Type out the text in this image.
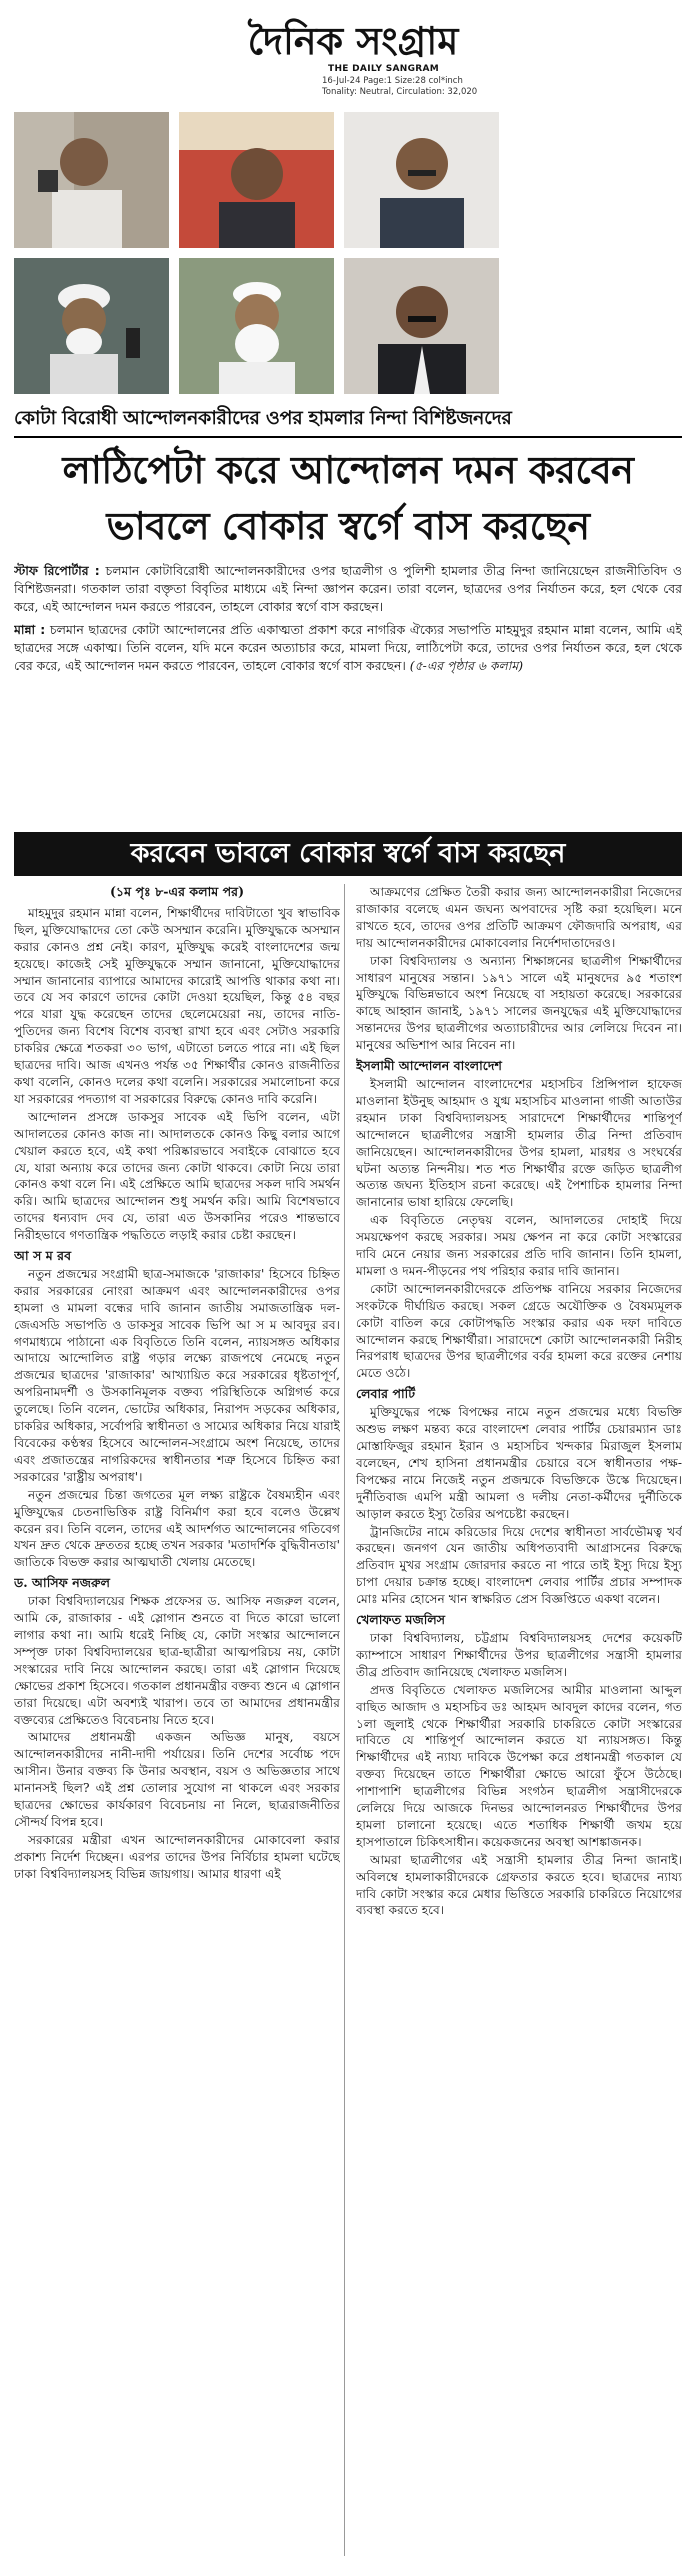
দৈনিক সংগ্রাম
THE DAILY SANGRAM
16-Jul-24 Page:1 Size:28 col*inch
Tonality: Neutral, Circulation: 32,020
কোটা বিরোধী আন্দোলনকারীদের ওপর হামলার নিন্দা বিশিষ্টজনদের
লাঠিপেটা করে আন্দোলন দমন করবেন
ভাবলে বোকার স্বর্গে বাস করছেন
স্টাফ রিপোর্টার : চলমান কোটাবিরোধী আন্দোলনকারীদের ওপর ছাত্রলীগ ও পুলিশী হামলার তীব্র নিন্দা জানিয়েছেন রাজনীতিবিদ ও বিশিষ্টজনরা। গতকাল তারা বক্তৃতা বিবৃতির মাধ্যমে এই নিন্দা জ্ঞাপন করেন। তারা বলেন, ছাত্রদের ওপর নির্যাতন করে, হল থেকে বের করে, এই আন্দোলন দমন করতে পারবেন, তাহলে বোকার স্বর্গে বাস করছেন।
মান্না : চলমান ছাত্রদের কোটা আন্দোলনের প্রতি একাত্মতা প্রকাশ করে নাগরিক ঐক্যের সভাপতি মাহমুদুর রহমান মান্না বলেন, আমি এই ছাত্রদের সঙ্গে একাত্ম। তিনি বলেন, যদি মনে করেন অত্যাচার করে, মামলা দিয়ে, লাঠিপেটা করে, তাদের ওপর নির্যাতন করে, হল থেকে বের করে, এই আন্দোলন দমন করতে পারবেন, তাহলে বোকার স্বর্গে বাস করছেন। (৫-এর পৃষ্ঠার ৬ কলাম)
করবেন ভাবলে বোকার স্বর্গে বাস করছেন
(১ম পৃঃ ৮-এর কলাম পর)

মাহমুদুর রহমান মান্না বলেন, শিক্ষার্থীদের দাবিটাতো খুব স্বাভাবিক ছিল, মুক্তিযোদ্ধাদের তো কেউ অসম্মান করেনি। মুক্তিযুদ্ধকে অসম্মান করার কোনও প্রশ্ন নেই। কারণ, মুক্তিযুদ্ধ করেই বাংলাদেশের জন্ম হয়েছে। কাজেই সেই মুক্তিযুদ্ধকে সম্মান জানানো, মুক্তিযোদ্ধাদের সম্মান জানানোর ব্যাপারে আমাদের কারোই আপত্তি থাকার কথা না। তবে যে সব কারণে তাদের কোটা দেওয়া হয়েছিল, কিন্তু ৫৪ বছর পরে যারা যুদ্ধ করেছেন তাদের ছেলেমেয়েরা নয়, তাদের নাতি-পুতিদের জন্য বিশেষ বিশেষ ব্যবস্থা রাখা হবে এবং সেটাও সরকারি চাকরির ক্ষেত্রে শতকরা ৩০ ভাগ, এটাতো চলতে পারে না। এই ছিল ছাত্রদের দাবি। আজ এখনও পর্যন্ত ৩৫ শিক্ষার্থীর কোনও রাজনীতির কথা বলেনি, কোনও দলের কথা বলেনি। সরকারের সমালোচনা করে যা সরকারের পদত্যাগ বা সরকারের বিরুদ্ধে কোনও দাবি করেনি।

আন্দোলন প্রসঙ্গে ডাকসুর সাবেক এই ভিপি বলেন, এটা আদালতের কোনও কাজ না। আদালতকে কোনও কিছু বলার আগে খেয়াল করতে হবে, এই কথা পরিষ্কারভাবে সবাইকে বোঝাতে হবে যে, যারা অন্যায় করে তাদের জন্য কোটা থাকবে। কোটা নিয়ে তারা কোনও কথা বলে নি। এই প্রেক্ষিতে আমি ছাত্রদের সকল দাবি সমর্থন করি। আমি ছাত্রদের আন্দোলন শুধু সমর্থন করি। আমি বিশেষভাবে তাদের ধন্যবাদ দেব যে, তারা এত উসকানির পরেও শান্তভাবে নিরীহভাবে গণতান্ত্রিক পদ্ধতিতে লড়াই করার চেষ্টা করছেন।

আ স ম রব

নতুন প্রজন্মের সংগ্রামী ছাত্র-সমাজকে 'রাজাকার' হিসেবে চিহ্নিত করার সরকারের নোংরা আক্রমণ এবং আন্দোলনকারীদের ওপর হামলা ও মামলা বন্ধের দাবি জানান জাতীয় সমাজতান্ত্রিক দল-জেএসডি সভাপতি ও ডাকসুর সাবেক ভিপি আ স ম আবদুর রব। গণমাধ্যমে পাঠানো এক বিবৃতিতে তিনি বলেন, ন্যায়সঙ্গত অধিকার আদায়ে আন্দোলিত রাষ্ট্র গড়ার লক্ষ্যে রাজপথে নেমেছে নতুন প্রজন্মের ছাত্রদের 'রাজাকার' আখ্যায়িত করে সরকারের ধৃষ্টতাপূর্ণ, অপরিনামদর্শী ও উসকানিমূলক বক্তব্য পরিস্থিতিকে অগ্নিগর্ভ করে তুলেছে। তিনি বলেন, ভোটের অধিকার, নিরাপদ সড়কের অধিকার, চাকরির অধিকার, সর্বোপরি স্বাধীনতা ও সাম্যের অধিকার নিয়ে যারাই বিবেকের কণ্ঠস্বর হিসেবে আন্দোলন-সংগ্রামে অংশ নিয়েছে, তাদের এবং প্রজাতন্ত্রের নাগরিকদের স্বাধীনতার শত্রু হিসেবে চিহ্নিত করা সরকারের 'রাষ্ট্রীয় অপরাধ'।

নতুন প্রজন্মের চিন্তা জগতের মূল লক্ষ্য রাষ্ট্রকে বৈষম্যহীন এবং মুক্তিযুদ্ধের চেতনাভিত্তিক রাষ্ট্র বিনির্মাণ করা হবে বলেও উল্লেখ করেন রব। তিনি বলেন, তাদের এই আদর্শগত আন্দোলনের গতিবেগ যখন দ্রুত থেকে দ্রুততর হচ্ছে তখন সরকার 'মতাদর্শিক বুদ্ধিবীনতায়' জাতিকে বিভক্ত করার আত্মঘাতী খেলায় মেতেছে।

ড. আসিফ নজরুল

ঢাকা বিশ্ববিদ্যালয়ের শিক্ষক প্রফেসর ড. আসিফ নজরুল বলেন, আমি কে, রাজাকার - এই স্লোগান শুনতে বা দিতে কারো ভালো লাগার কথা না। আমি ধরেই নিচ্ছি যে, কোটা সংস্কার আন্দোলনে সম্পৃক্ত ঢাকা বিশ্ববিদ্যালয়ের ছাত্র-ছাত্রীরা আত্মপরিচয় নয়, কোটা সংস্কারের দাবি নিয়ে আন্দোলন করছে। তারা এই স্লোগান দিয়েছে ক্ষোভের প্রকাশ হিসেবে। গতকাল প্রধানমন্ত্রীর বক্তব্য শুনে এ স্লোগান তারা দিয়েছে। এটা অবশ্যই খারাপ। তবে তা আমাদের প্রধানমন্ত্রীর বক্তব্যের প্রেক্ষিতেও বিবেচনায় নিতে হবে।

আমাদের প্রধানমন্ত্রী একজন অভিজ্ঞ মানুষ, বয়সে আন্দোলনকারীদের নানী-দাদী পর্যায়ের। তিনি দেশের সর্বোচ্চ পদে আসীন। উনার বক্তব্য কি উনার অবস্থান, বয়স ও অভিজ্ঞতার সাথে মানানসই ছিল? এই প্রশ্ন তোলার সুযোগ না থাকলে এবং সরকার ছাত্রদের ক্ষোভের কার্যকারণ বিবেচনায় না নিলে, ছাত্ররাজনীতির সৌন্দর্য বিপন্ন হবে।

সরকারের মন্ত্রীরা এখন আন্দোলনকারীদের মোকাবেলা করার প্রকাশ্য নির্দেশ দিচ্ছেন। এরপর তাদের উপর নির্বিচার হামলা ঘটেছে ঢাকা বিশ্ববিদ্যালয়সহ বিভিন্ন জায়গায়। আমার ধারণা এই

আক্রমণের প্রেক্ষিত তৈরী করার জন্য আন্দোলনকারীরা নিজেদের রাজাকার বলেছে এমন জঘন্য অপবাদের সৃষ্টি করা হয়েছিল। মনে রাখতে হবে, তাদের ওপর প্রতিটি আক্রমণ ফৌজদারি অপরাধ, এর দায় আন্দোলনকারীদের মোকাবেলার নির্দেশদাতাদেরও।

ঢাকা বিশ্ববিদ্যালয় ও অন্যান্য শিক্ষাঙ্গনের ছাত্রলীগ শিক্ষার্থীদের সাধারণ মানুষের সন্তান। ১৯৭১ সালে এই মানুষদের ৯৫ শতাংশ মুক্তিযুদ্ধে বিভিন্নভাবে অংশ নিয়েছে বা সহায়তা করেছে। সরকারের কাছে আহ্বান জানাই, ১৯৭১ সালের জনযুদ্ধের এই মুক্তিযোদ্ধাদের সন্তানদের উপর ছাত্রলীগের অত্যাচারীদের আর লেলিয়ে দিবেন না। মানুষের অভিশাপ আর নিবেন না।

ইসলামী আন্দোলন বাংলাদেশ

ইসলামী আন্দোলন বাংলাদেশের মহাসচিব প্রিন্সিপাল হাফেজ মাওলানা ইউনুছ আহমাদ ও যুগ্ম মহাসচিব মাওলানা গাজী আতাউর রহমান ঢাকা বিশ্ববিদ্যালয়সহ সারাদেশে শিক্ষার্থীদের শান্তিপূর্ণ আন্দোলনে ছাত্রলীগের সন্ত্রাসী হামলার তীব্র নিন্দা প্রতিবাদ জানিয়েছেন। আন্দোলনকারীদের উপর হামলা, মারধর ও সংঘর্ষের ঘটনা অত্যন্ত নিন্দনীয়। শত শত শিক্ষার্থীর রক্তে জড়িত ছাত্রলীগ অত্যন্ত জঘন্য ইতিহাস রচনা করেছে। এই পৈশাচিক হামলার নিন্দা জানানোর ভাষা হারিয়ে ফেলেছি।

এক বিবৃতিতে নেতৃদ্বয় বলেন, আদালতের দোহাই দিয়ে সময়ক্ষেপণ করছে সরকার। সময় ক্ষেপন না করে কোটা সংস্কারের দাবি মেনে নেয়ার জন্য সরকারের প্রতি দাবি জানান। তিনি হামলা, মামলা ও দমন-পীড়নের পথ পরিহার করার দাবি জানান।

কোটা আন্দোলনকারীদেরকে প্রতিপক্ষ বানিয়ে সরকার নিজেদের সংকটকে দীর্ঘায়িত করছে। সকল গ্রেডে অযৌক্তিক ও বৈষম্যমূলক কোটা বাতিল করে কোটাপদ্ধতি সংস্কার করার এক দফা দাবিতে আন্দোলন করছে শিক্ষার্থীরা। সারাদেশে কোটা আন্দোলনকারী নিরীহ নিরপরাধ ছাত্রদের উপর ছাত্রলীগের বর্বর হামলা করে রক্তের নেশায় মেতে ওঠে।

লেবার পার্টি

মুক্তিযুদ্ধের পক্ষে বিপক্ষের নামে নতুন প্রজন্মের মধ্যে বিভক্তি অশুভ লক্ষণ মন্তব্য করে বাংলাদেশ লেবার পার্টির চেয়ারম্যান ডাঃ মোস্তাফিজুর রহমান ইরান ও মহাসচিব খন্দকার মিরাজুল ইসলাম বলেছেন, শেখ হাসিনা প্রধানমন্ত্রীর চেয়ারে বসে স্বাধীনতার পক্ষ-বিপক্ষের নামে নিজেই নতুন প্রজন্মকে বিভক্তিকে উস্কে দিয়েছেন। দুর্নীতিবাজ এমপি মন্ত্রী আমলা ও দলীয় নেতা-কর্মীদের দুর্নীতিকে আড়াল করতে ইস্যু তৈরির অপচেষ্টা করছেন।

ট্রানজিটের নামে করিডোর দিয়ে দেশের স্বাধীনতা সার্বভৌমত্ব খর্ব করছেন। জনগণ যেন জাতীয় অধিপত্যবাদী আগ্রাসনের বিরুদ্ধে প্রতিবাদ মুখর সংগ্রাম জোরদার করতে না পারে তাই ইস্যু দিয়ে ইস্যু চাপা দেয়ার চক্রান্ত হচ্ছে। বাংলাদেশ লেবার পার্টির প্রচার সম্পাদক মোঃ মনির হোসেন খান স্বাক্ষরিত প্রেস বিজ্ঞপ্তিতে একথা বলেন।

খেলাফত মজলিস

ঢাকা বিশ্ববিদ্যালয়, চট্টগ্রাম বিশ্ববিদ্যালয়সহ দেশের কয়েকটি ক্যাম্পাসে সাধারণ শিক্ষার্থীদের উপর ছাত্রলীগের সন্ত্রাসী হামলার তীব্র প্রতিবাদ জানিয়েছে খেলাফত মজলিস।

প্রদত্ত বিবৃতিতে খেলাফত মজলিসের আমীর মাওলানা আব্দুল বাছিত আজাদ ও মহাসচিব ডঃ আহমদ আবদুল কাদের বলেন, গত ১লা জুলাই থেকে শিক্ষার্থীরা সরকারি চাকরিতে কোটা সংস্কারের দাবিতে যে শান্তিপূর্ণ আন্দোলন করতে যা ন্যায়সঙ্গত। কিন্তু শিক্ষার্থীদের এই ন্যায্য দাবিকে উপেক্ষা করে প্রধানমন্ত্রী গতকাল যে বক্তব্য দিয়েছেন তাতে শিক্ষার্থীরা ক্ষোভে আরো ফুঁসে উঠেছে। পাশাপাশি ছাত্রলীগের বিভিন্ন সংগঠন ছাত্রলীগ সন্ত্রাসীদেরকে লেলিয়ে দিয়ে আজকে দিনভর আন্দোলনরত শিক্ষার্থীদের উপর হামলা চালানো হয়েছে। এতে শতাধিক শিক্ষার্থী জখম হয়ে হাসপাতালে চিকিৎসাধীন। কয়েকজনের অবস্থা আশঙ্কাজনক।

আমরা ছাত্রলীগের এই সন্ত্রাসী হামলার তীব্র নিন্দা জানাই। অবিলম্বে হামলাকারীদেরকে গ্রেফতার করতে হবে। ছাত্রদের ন্যায্য দাবি কোটা সংস্কার করে মেধার ভিত্তিতে সরকারি চাকরিতে নিয়োগের ব্যবস্থা করতে হবে।
